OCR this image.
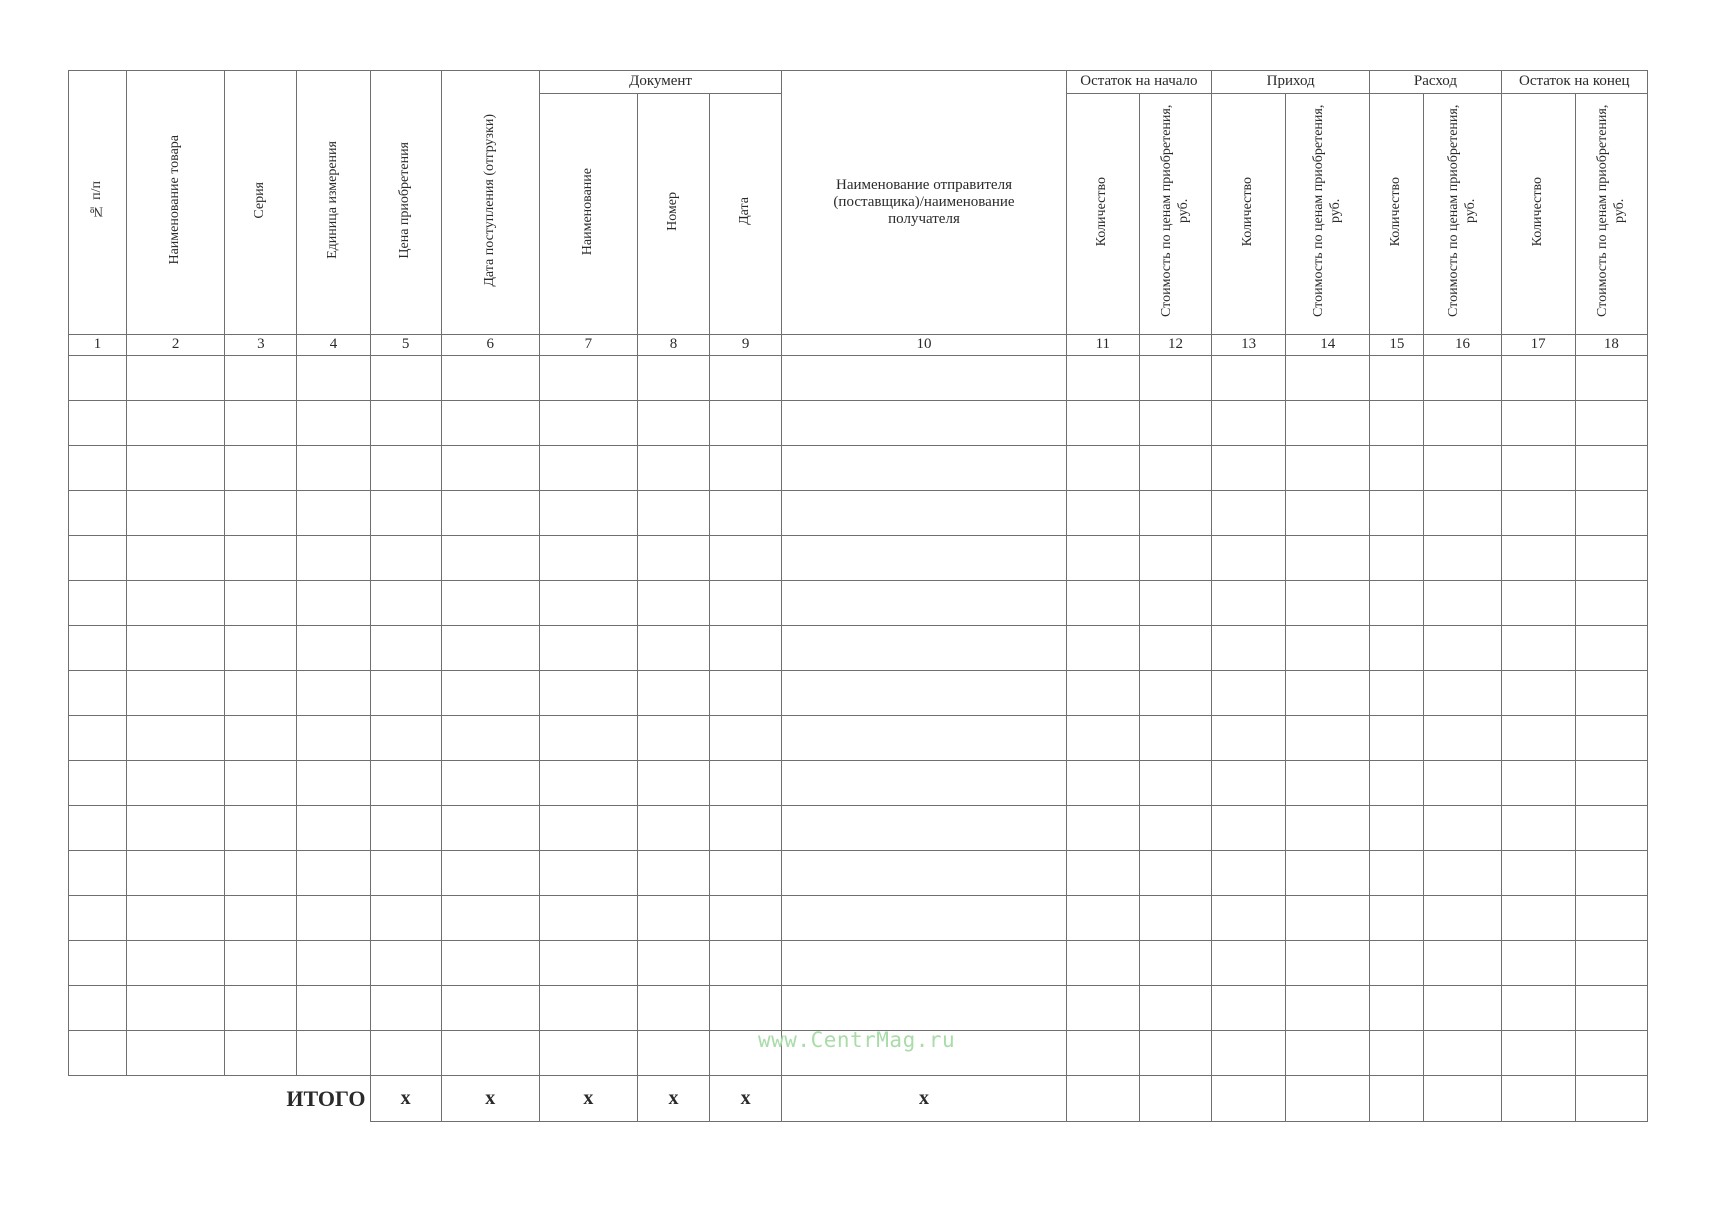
№ п/п	Наименование товара	Серия	Единица измерения	Цена приобретения	Дата поступления (отгрузки)	Документ			Наименование отправителя (поставщика)/наименование получателя	Остаток на начало		Приход		Расход		Остаток на конец	
						Наименование	Номер	Дата		Количество	Стоимость по ценам приобретения, руб.	Количество	Стоимость по ценам приобретения, руб.	Количество	Стоимость по ценам приобретения, руб.	Количество	Стоимость по ценам приобретения, руб.
1	2	3	4	5	6	7	8	9	10	11	12	13	14	15	16	17	18

ИТОГО				х	х	х	х	х	х								
www.CentrMag.ru
